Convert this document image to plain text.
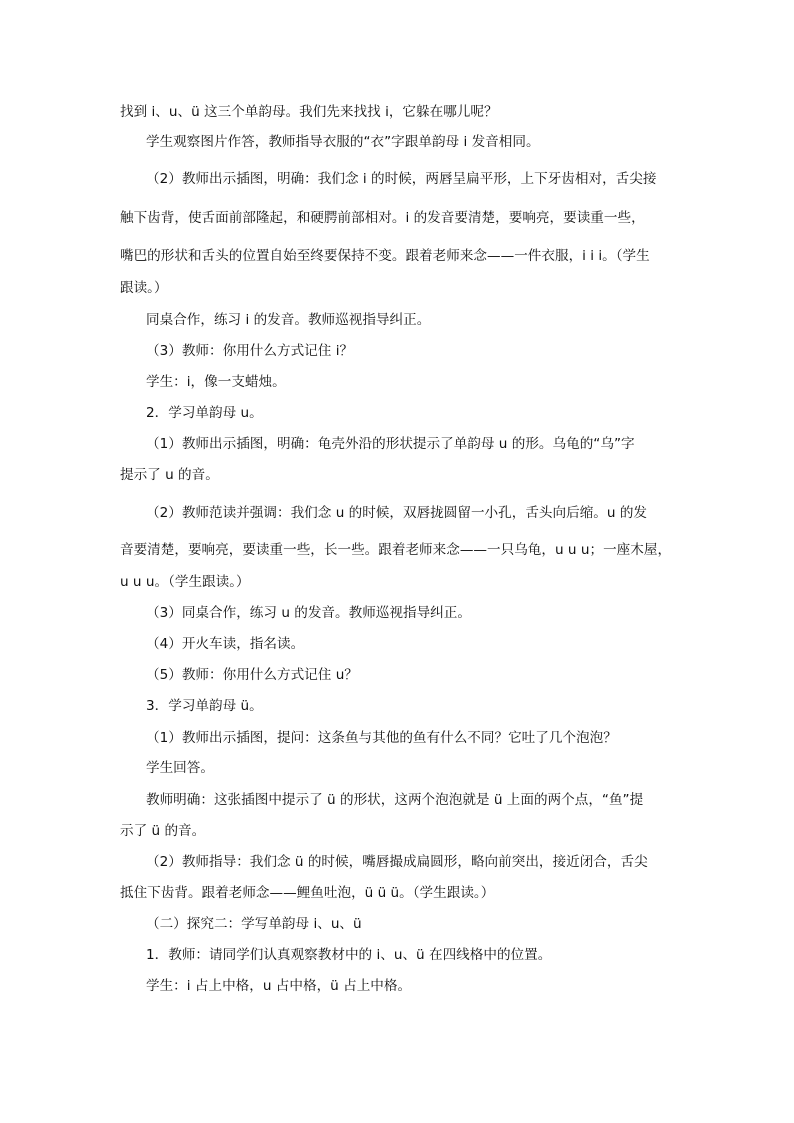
找到 i、u、ü 这三个单韵母。我们先来找找 i，它躲在哪儿呢？
学生观察图片作答，教师指导衣服的“衣”字跟单韵母 i 发音相同。
（2）教师出示插图，明确：我们念 i 的时候，两唇呈扁平形，上下牙齿相对，舌尖接
触下齿背，使舌面前部隆起，和硬腭前部相对。i 的发音要清楚，要响亮，要读重一些，
嘴巴的形状和舌头的位置自始至终要保持不变。跟着老师来念——一件衣服，i i i。（学生
跟读。）
同桌合作，练习 i 的发音。教师巡视指导纠正。
（3）教师：你用什么方式记住 i？
学生：i，像一支蜡烛。
2．学习单韵母 u。
（1）教师出示插图，明确：龟壳外沿的形状提示了单韵母 u 的形。乌龟的“乌”字
提示了 u 的音。
（2）教师范读并强调：我们念 u 的时候，双唇拢圆留一小孔，舌头向后缩。u 的发
音要清楚，要响亮，要读重一些，长一些。跟着老师来念——一只乌龟，u u u；一座木屋，
u u u。（学生跟读。）
（3）同桌合作，练习 u 的发音。教师巡视指导纠正。
（4）开火车读，指名读。
（5）教师：你用什么方式记住 u？
3．学习单韵母 ü。
（1）教师出示插图，提问：这条鱼与其他的鱼有什么不同？它吐了几个泡泡？
学生回答。
教师明确：这张插图中提示了 ü 的形状，这两个泡泡就是 ü 上面的两个点，“鱼”提
示了 ü 的音。
（2）教师指导：我们念 ü 的时候，嘴唇撮成扁圆形，略向前突出，接近闭合，舌尖
抵住下齿背。跟着老师念——鲤鱼吐泡，ü ü ü。（学生跟读。）
（二）探究二：学写单韵母 i、u、ü
1．教师：请同学们认真观察教材中的 i、u、ü 在四线格中的位置。
学生：i 占上中格，u 占中格，ü 占上中格。
